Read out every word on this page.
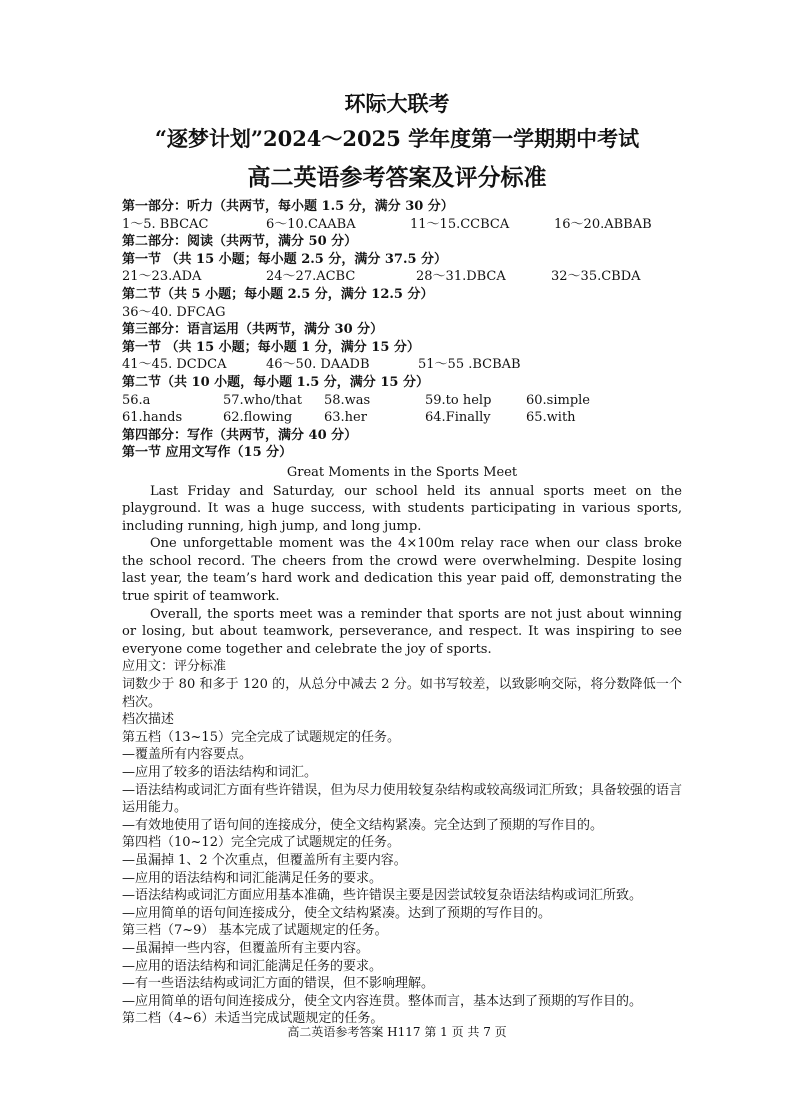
环际大联考
“逐梦计划”2024～2025 学年度第一学期期中考试
高二英语参考答案及评分标准
第一部分：听力（共两节，每小题 1.5 分，满分 30 分）
1～5. BBCAC	6～10.CAABA	11～15.CCBCA	16～20.ABBAB
第二部分：阅读（共两节，满分 50 分）
第一节 （共 15 小题；每小题 2.5 分，满分 37.5 分）
21～23.ADA	24～27.ACBC	28～31.DBCA	32～35.CBDA
第二节（共 5 小题；每小题 2.5 分，满分 12.5 分）
36～40. DFCAG
第三部分：语言运用（共两节，满分 30 分）
第一节 （共 15 小题；每小题 1 分，满分 15 分）
41～45. DCDCA	46～50. DAADB	51～55 .BCBAB
第二节（共 10 小题，每小题 1.5 分，满分 15 分）
56.a	57.who/that	58.was	59.to help	60.simple
61.hands	62.flowing	63.her	64.Finally	65.with
第四部分：写作（共两节，满分 40 分）
第一节 应用文写作（15 分）
Great Moments in the Sports Meet

Last Friday and Saturday, our school held its annual sports meet on the playground. It was a huge success, with students participating in various sports, including running, high jump, and long jump.

One unforgettable moment was the 4×100m relay race when our class broke the school record. The cheers from the crowd were overwhelming. Despite losing last year, the team’s hard work and dedication this year paid off, demonstrating the true spirit of teamwork.

Overall, the sports meet was a reminder that sports are not just about winning or losing, but about teamwork, perseverance, and respect. It was inspiring to see everyone come together and celebrate the joy of sports.

应用文：评分标准

词数少于 80 和多于 120 的，从总分中减去 2 分。如书写较差，以致影响交际，将分数降低一个档次。

档次描述

第五档（13~15）完全完成了试题规定的任务。

—覆盖所有内容要点。

—应用了较多的语法结构和词汇。

—语法结构或词汇方面有些许错误，但为尽力使用较复杂结构或较高级词汇所致；具备较强的语言运用能力。

—有效地使用了语句间的连接成分，使全文结构紧凑。完全达到了预期的写作目的。

第四档（10~12）完全完成了试题规定的任务。

—虽漏掉 1、2 个次重点，但覆盖所有主要内容。

—应用的语法结构和词汇能满足任务的要求。

—语法结构或词汇方面应用基本准确，些许错误主要是因尝试较复杂语法结构或词汇所致。

—应用简单的语句间连接成分，使全文结构紧凑。达到了预期的写作目的。

第三档（7~9） 基本完成了试题规定的任务。

—虽漏掉一些内容，但覆盖所有主要内容。

—应用的语法结构和词汇能满足任务的要求。

—有一些语法结构或词汇方面的错误，但不影响理解。

—应用简单的语句间连接成分，使全文内容连贯。整体而言，基本达到了预期的写作目的。

第二档（4~6）未适当完成试题规定的任务。

高二英语参考答案 H117 第 1 页 共 7 页
